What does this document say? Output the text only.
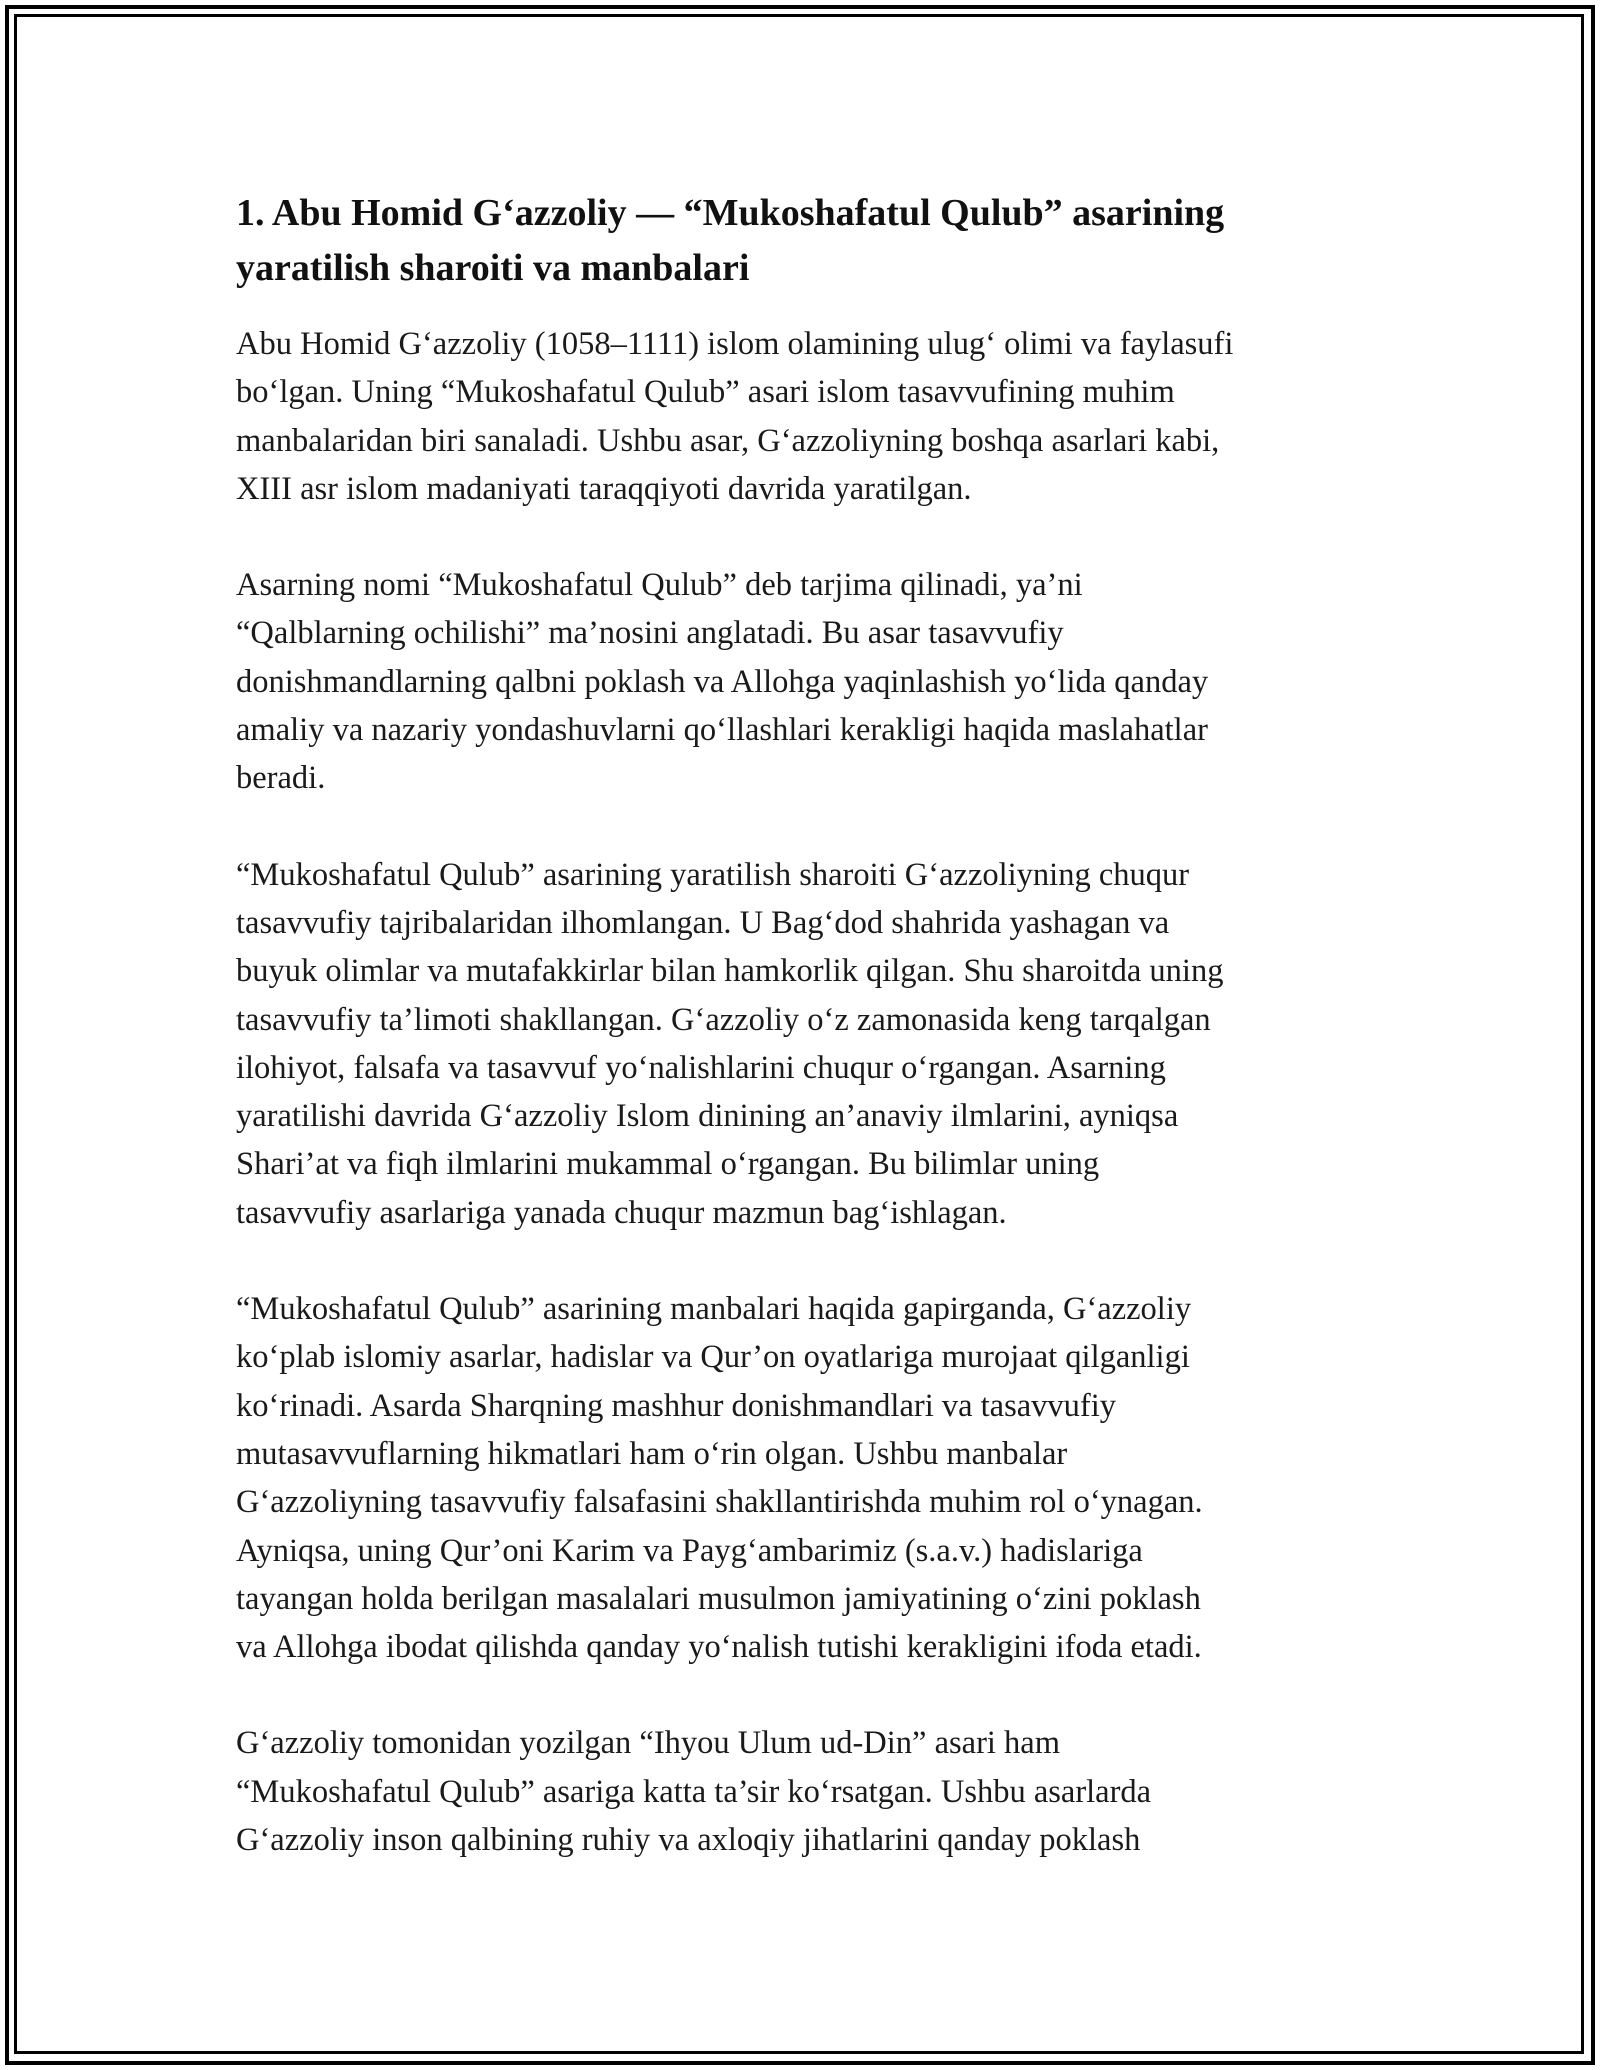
1. Abu Homid G‘azzoliy — “Mukoshafatul Qulub” asarining
yaratilish sharoiti va manbalari

Abu Homid G‘azzoliy (1058–1111) islom olamining ulug‘ olimi va faylasufi
bo‘lgan. Uning “Mukoshafatul Qulub” asari islom tasavvufining muhim
manbalaridan biri sanaladi. Ushbu asar, G‘azzoliyning boshqa asarlari kabi,
XIII asr islom madaniyati taraqqiyoti davrida yaratilgan.

Asarning nomi “Mukoshafatul Qulub” deb tarjima qilinadi, ya’ni
“Qalblarning ochilishi” ma’nosini anglatadi. Bu asar tasavvufiy
donishmandlarning qalbni poklash va Allohga yaqinlashish yo‘lida qanday
amaliy va nazariy yondashuvlarni qo‘llashlari kerakligi haqida maslahatlar
beradi.

“Mukoshafatul Qulub” asarining yaratilish sharoiti G‘azzoliyning chuqur
tasavvufiy tajribalaridan ilhomlangan. U Bag‘dod shahrida yashagan va
buyuk olimlar va mutafakkirlar bilan hamkorlik qilgan. Shu sharoitda uning
tasavvufiy ta’limoti shakllangan. G‘azzoliy o‘z zamonasida keng tarqalgan
ilohiyot, falsafa va tasavvuf yo‘nalishlarini chuqur o‘rgangan. Asarning
yaratilishi davrida G‘azzoliy Islom dinining an’anaviy ilmlarini, ayniqsa
Shari’at va fiqh ilmlarini mukammal o‘rgangan. Bu bilimlar uning
tasavvufiy asarlariga yanada chuqur mazmun bag‘ishlagan.

“Mukoshafatul Qulub” asarining manbalari haqida gapirganda, G‘azzoliy
ko‘plab islomiy asarlar, hadislar va Qur’on oyatlariga murojaat qilganligi
ko‘rinadi. Asarda Sharqning mashhur donishmandlari va tasavvufiy
mutasavvuflarning hikmatlari ham o‘rin olgan. Ushbu manbalar
G‘azzoliyning tasavvufiy falsafasini shakllantirishda muhim rol o‘ynagan.
Ayniqsa, uning Qur’oni Karim va Payg‘ambarimiz (s.a.v.) hadislariga
tayangan holda berilgan masalalari musulmon jamiyatining o‘zini poklash
va Allohga ibodat qilishda qanday yo‘nalish tutishi kerakligini ifoda etadi.

G‘azzoliy tomonidan yozilgan “Ihyou Ulum ud-Din” asari ham
“Mukoshafatul Qulub” asariga katta ta’sir ko‘rsatgan. Ushbu asarlarda
G‘azzoliy inson qalbining ruhiy va axloqiy jihatlarini qanday poklash
